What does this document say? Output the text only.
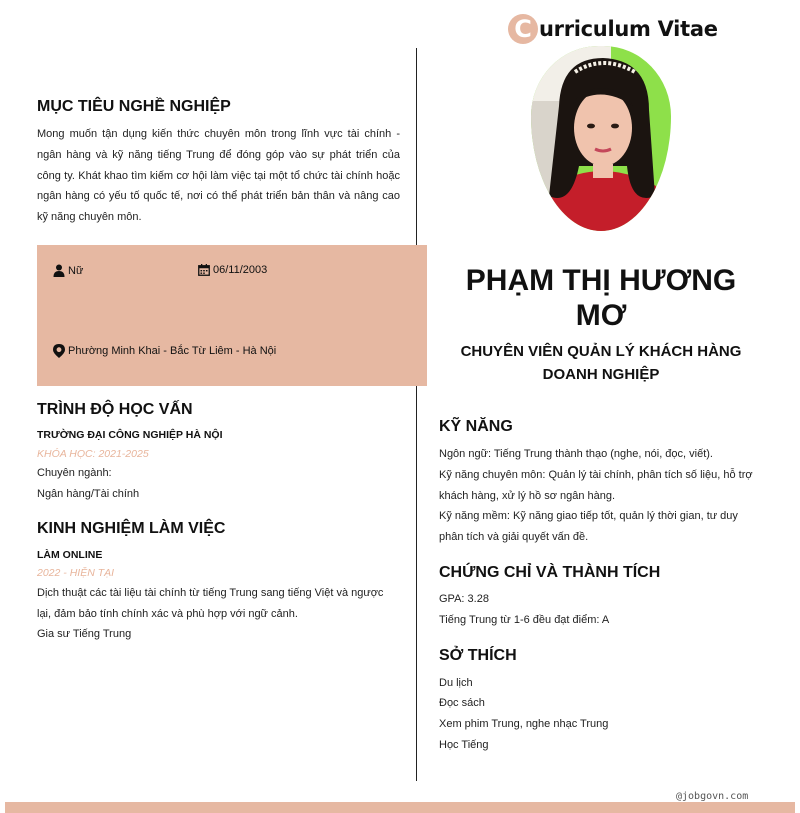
C urriculum Vitae
MỤC TIÊU NGHỀ NGHIỆP
Mong muốn tận dụng kiến thức chuyên môn trong lĩnh vực tài chính - ngân hàng và kỹ năng tiếng Trung để đóng góp vào sự phát triển của công ty. Khát khao tìm kiếm cơ hội làm việc tại một tổ chức tài chính hoặc ngân hàng có yếu tố quốc tế, nơi có thể phát triển bản thân và nâng cao kỹ năng chuyên môn.
Nữ	06/11/2003
Phường Minh Khai - Bắc Từ Liêm - Hà Nội
TRÌNH ĐỘ HỌC VẤN
TRƯỜNG ĐẠI CÔNG NGHIỆP HÀ NỘI
KHÓA HỌC: 2021-2025
Chuyên ngành:
Ngân hàng/Tài chính
KINH NGHIỆM LÀM VIỆC
LÀM ONLINE
2022 - HIỆN TẠI
Dịch thuật các tài liệu tài chính từ tiếng Trung sang tiếng Việt và ngược lại, đảm bảo tính chính xác và phù hợp với ngữ cảnh.
Gia sư Tiếng Trung
PHẠM THỊ HƯƠNG MƠ
CHUYÊN VIÊN QUẢN LÝ KHÁCH HÀNG DOANH NGHIỆP
KỸ NĂNG
Ngôn ngữ: Tiếng Trung thành thạo (nghe, nói, đọc, viết).
Kỹ năng chuyên môn: Quản lý tài chính, phân tích số liệu, hỗ trợ khách hàng, xử lý hồ sơ ngân hàng.
Kỹ năng mềm: Kỹ năng giao tiếp tốt, quản lý thời gian, tư duy phân tích và giải quyết vấn đề.
CHỨNG CHỈ VÀ THÀNH TÍCH
GPA: 3.28
Tiếng Trung từ 1-6 đều đạt điểm: A
SỞ THÍCH
Du lịch
Đọc sách
Xem phim Trung, nghe nhạc Trung
Học Tiếng
@jobgovn.com
